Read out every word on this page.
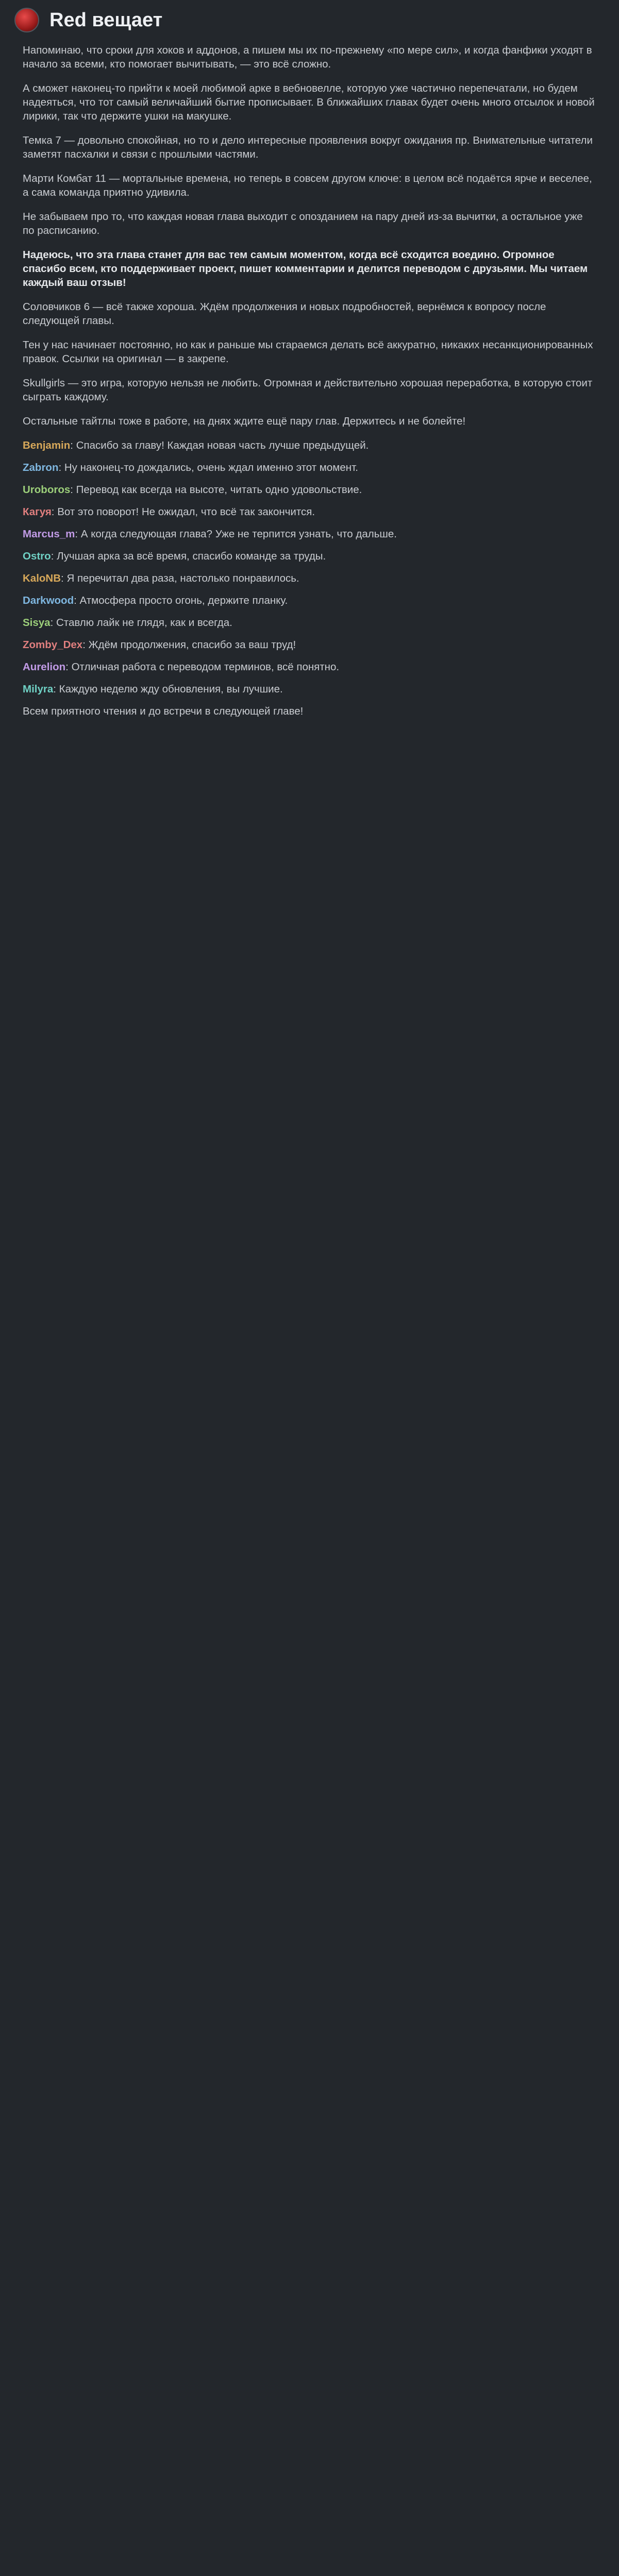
Red вещает

Напоминаю, что сроки для хоков и аддонов, а пишем мы их по-прежнему «по мере сил», и когда фанфики уходят в начало за всеми, кто помогает вычитывать, — это всё сложно.

А сможет наконец-то прийти к моей любимой арке в вебновелле, которую уже частично перепечатали, но будем надеяться, что тот самый величайший бытие прописывает. В ближайших главах будет очень много отсылок и новой лирики, так что держите ушки на макушке.

Темка 7 — довольно спокойная, но то и дело интересные проявления вокруг ожидания пр. Внимательные читатели заметят пасхалки и связи с прошлыми частями.

Марти Комбат 11 — мортальные времена, но теперь в совсем другом ключе: в целом всё подаётся ярче и веселее, а сама команда приятно удивила.

Не забываем про то, что каждая новая глава выходит с опозданием на пару дней из-за вычитки, а остальное уже по расписанию.

Надеюсь, что эта глава станет для вас тем самым моментом, когда всё сходится воедино. Огромное спасибо всем, кто поддерживает проект, пишет комментарии и делится переводом с друзьями. Мы читаем каждый ваш отзыв!

Соловчиков 6 — всё также хороша. Ждём продолжения и новых подробностей, вернёмся к вопросу после следующей главы.

Тен у нас начинает постоянно, но как и раньше мы стараемся делать всё аккуратно, никаких несанкционированных правок. Ссылки на оригинал — в закрепе.

Skullgirls — это игра, которую нельзя не любить. Огромная и действительно хорошая переработка, в которую стоит сыграть каждому.

Остальные тайтлы тоже в работе, на днях ждите ещё пару глав. Держитесь и не болейте!

Benjamin: Спасибо за главу! Каждая новая часть лучше предыдущей.
Zabron: Ну наконец-то дождались, очень ждал именно этот момент.
Uroboros: Перевод как всегда на высоте, читать одно удовольствие.
Кагуя: Вот это поворот! Не ожидал, что всё так закончится.
Marcus_m: А когда следующая глава? Уже не терпится узнать, что дальше.
Ostro: Лучшая арка за всё время, спасибо команде за труды.
KaloNB: Я перечитал два раза, настолько понравилось.
Darkwood: Атмосфера просто огонь, держите планку.
Sisya: Ставлю лайк не глядя, как и всегда.
Zomby_Dex: Ждём продолжения, спасибо за ваш труд!
Aurelion: Отличная работа с переводом терминов, всё понятно.
Milyra: Каждую неделю жду обновления, вы лучшие.

Всем приятного чтения и до встречи в следующей главе!
